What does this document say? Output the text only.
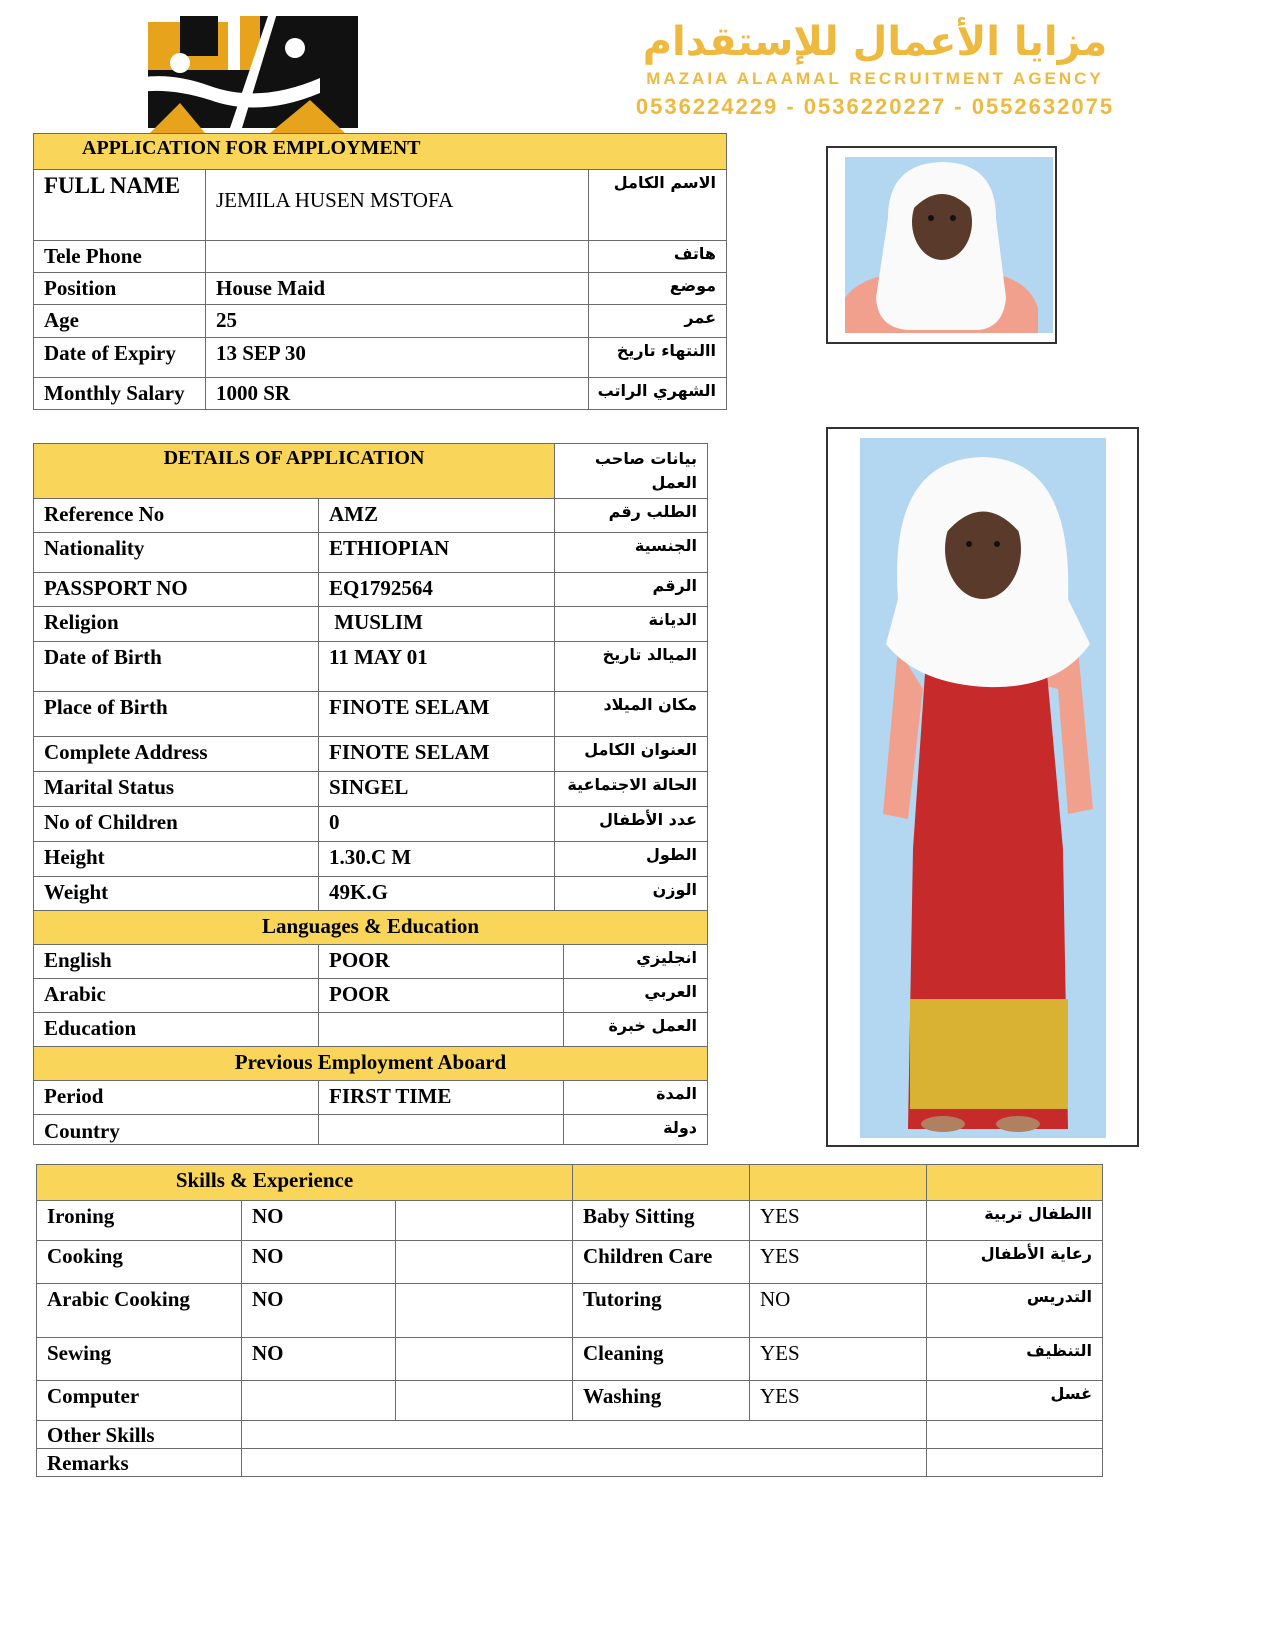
مزايا الأعمال للإستقدام
MAZAIA ALAAMAL RECRUITMENT AGENCY
0536224229 - 0536220227 - 0552632075
APPLICATION FOR EMPLOYMENT		
FULL NAME	JEMILA HUSEN MSTOFA	الاسم الكامل
Tele Phone		هاتف
Position	House Maid	موضع
Age	25	عمر
Date of Expiry	13 SEP 30	االنتهاء تاريخ
Monthly Salary	1000 SR	الشهري الراتب
DETAILS OF APPLICATION		بيانات صاحب العمل	
Reference No	AMZ	الطلب رقم	
Nationality	ETHIOPIAN	الجنسية	
PASSPORT NO	EQ1792564	الرقم	
Religion	MUSLIM	الديانة	
Date of Birth	11 MAY 01	الميالد تاريخ	
Place of Birth	FINOTE SELAM	مكان الميلاد	
Complete Address	FINOTE SELAM	العنوان الكامل	
Marital Status	SINGEL	الحالة الاجتماعية	
No of Children	0	عدد الأطفال	
Height	1.30.C M	الطول	
Weight	49K.G	الوزن	
Languages & Education			
English	POOR		انجليزي
Arabic	POOR		العربي
Education			العمل خبرة
Previous Employment Aboard			
Period	FIRST TIME		المدة
Country			دولة
Skills & Experience					
Ironing	NO		Baby Sitting	YES	االطفال تربية
Cooking	NO		Children Care	YES	رعاية الأطفال
Arabic Cooking	NO		Tutoring	NO	التدريس
Sewing	NO		Cleaning	YES	التنظيف
Computer			Washing	YES	غسل
Other Skills					
Remarks					
